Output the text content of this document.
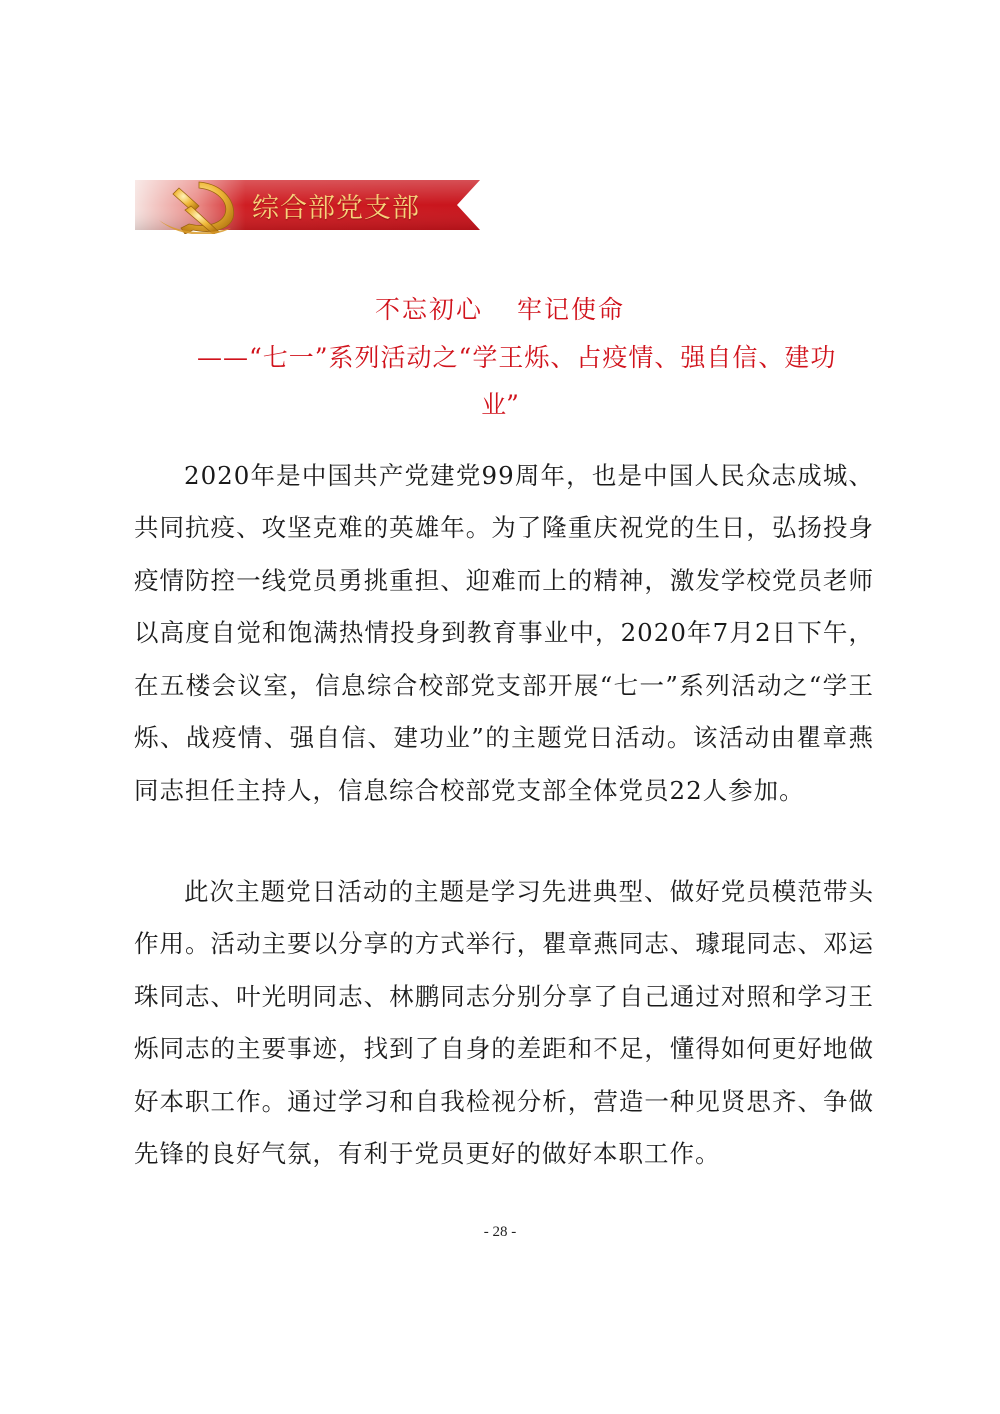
综合部党支部
不忘初心 牢记使命
——“七一”系列活动之“学王烁、占疫情、强自信、建功
业”

2020年是中国共产党建党99周年，也是中国人民众志成城、共同抗疫、攻坚克难的英雄年。为了隆重庆祝党的生日，弘扬投身疫情防控一线党员勇挑重担、迎难而上的精神，激发学校党员老师以高度自觉和饱满热情投身到教育事业中，2020年7月2日下午，在五楼会议室，信息综合校部党支部开展“七一”系列活动之“学王烁、战疫情、强自信、建功业”的主题党日活动。该活动由瞿章燕同志担任主持人，信息综合校部党支部全体党员22人参加。

此次主题党日活动的主题是学习先进典型、做好党员模范带头作用。活动主要以分享的方式举行，瞿章燕同志、璩琨同志、邓运珠同志、叶光明同志、林鹏同志分别分享了自己通过对照和学习王烁同志的主要事迹，找到了自身的差距和不足，懂得如何更好地做好本职工作。通过学习和自我检视分析，营造一种见贤思齐、争做先锋的良好气氛，有利于党员更好的做好本职工作。

- 28 -
